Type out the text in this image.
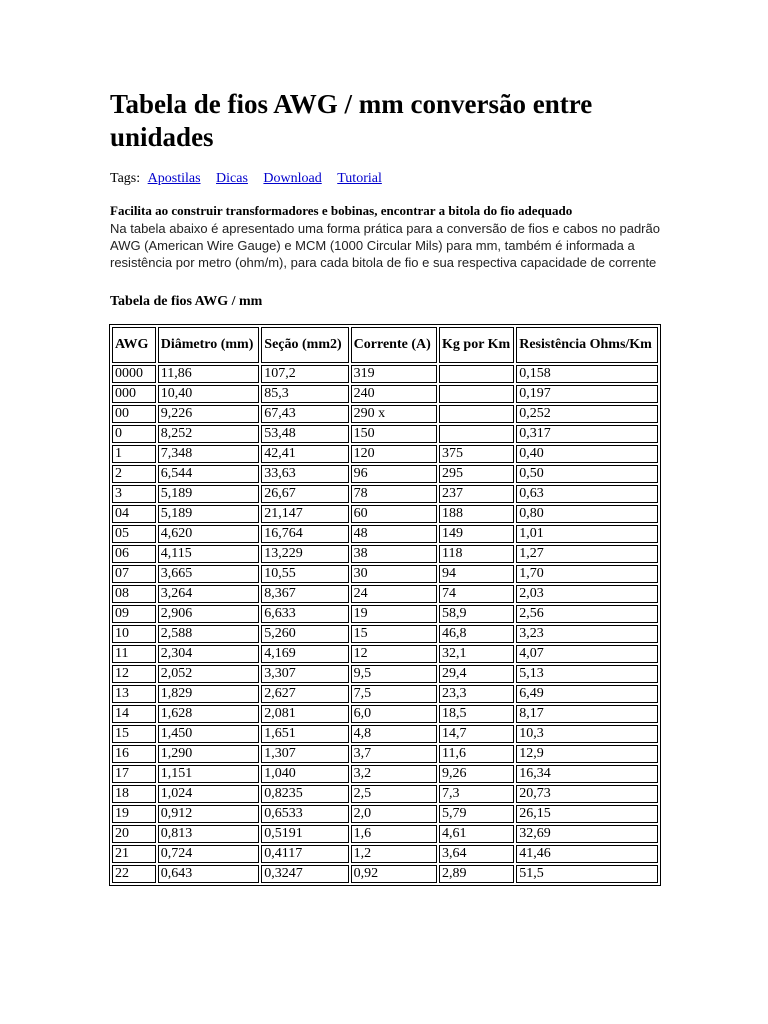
Tabela de fios AWG / mm conversão entre unidades

Tags: Apostilas Dicas Download Tutorial

Facilita ao construir transformadores e bobinas, encontrar a bitola do fio adequado

Na tabela abaixo é apresentado uma forma prática para a conversão de fios e cabos no padrão AWG (American Wire Gauge) e MCM (1000 Circular Mils) para mm, também é informada a resistência por metro (ohm/m), para cada bitola de fio e sua respectiva capacidade de corrente

Tabela de fios AWG / mm

AWG	Diâmetro (mm)	Seção (mm2)	Corrente (A)	Kg por Km	Resistência Ohms/Km
0000	11,86	107,2	319		0,158
000	10,40	85,3	240		0,197
00	9,226	67,43	290 x		0,252
0	8,252	53,48	150		0,317
1	7,348	42,41	120	375	0,40
2	6,544	33,63	96	295	0,50
3	5,189	26,67	78	237	0,63
04	5,189	21,147	60	188	0,80
05	4,620	16,764	48	149	1,01
06	4,115	13,229	38	118	1,27
07	3,665	10,55	30	94	1,70
08	3,264	8,367	24	74	2,03
09	2,906	6,633	19	58,9	2,56
10	2,588	5,260	15	46,8	3,23
11	2,304	4,169	12	32,1	4,07
12	2,052	3,307	9,5	29,4	5,13
13	1,829	2,627	7,5	23,3	6,49
14	1,628	2,081	6,0	18,5	8,17
15	1,450	1,651	4,8	14,7	10,3
16	1,290	1,307	3,7	11,6	12,9
17	1,151	1,040	3,2	9,26	16,34
18	1,024	0,8235	2,5	7,3	20,73
19	0,912	0,6533	2,0	5,79	26,15
20	0,813	0,5191	1,6	4,61	32,69
21	0,724	0,4117	1,2	3,64	41,46
22	0,643	0,3247	0,92	2,89	51,5
